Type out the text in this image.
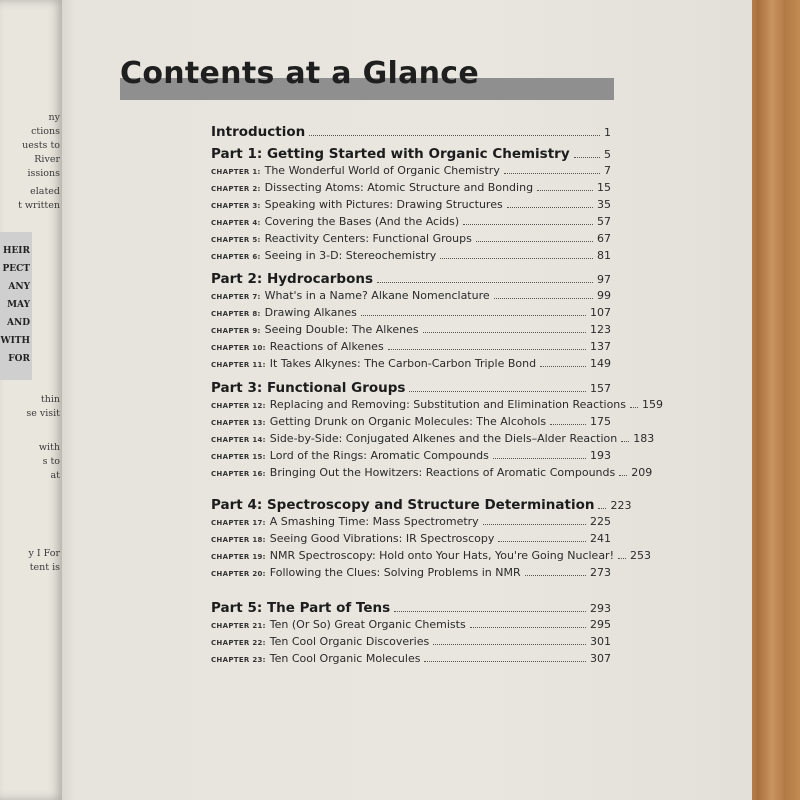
ny
ctions
uests to
River
issions
elated
t written
HEIR
PECT
ANY
MAY
AND
WITH
FOR
thin
se visit
with
s to
at
y I For
tent is
Contents at a Glance
Introduction	1
Part 1: Getting Started with Organic Chemistry	5
CHAPTER 1: The Wonderful World of Organic Chemistry	7
CHAPTER 2: Dissecting Atoms: Atomic Structure and Bonding	15
CHAPTER 3: Speaking with Pictures: Drawing Structures	35
CHAPTER 4: Covering the Bases (And the Acids)	57
CHAPTER 5: Reactivity Centers: Functional Groups	67
CHAPTER 6: Seeing in 3-D: Stereochemistry	81
Part 2: Hydrocarbons	97
CHAPTER 7: What's in a Name? Alkane Nomenclature	99
CHAPTER 8: Drawing Alkanes	107
CHAPTER 9: Seeing Double: The Alkenes	123
CHAPTER 10: Reactions of Alkenes	137
CHAPTER 11: It Takes Alkynes: The Carbon-Carbon Triple Bond	149
Part 3: Functional Groups	157
CHAPTER 12: Replacing and Removing: Substitution and Elimination Reactions 159
CHAPTER 13: Getting Drunk on Organic Molecules: The Alcohols	175
CHAPTER 14: Side-by-Side: Conjugated Alkenes and the Diels–Alder Reaction 183
CHAPTER 15: Lord of the Rings: Aromatic Compounds	193
CHAPTER 16: Bringing Out the Howitzers: Reactions of Aromatic Compounds 209
Part 4: Spectroscopy and Structure Determination 223
CHAPTER 17: A Smashing Time: Mass Spectrometry	225
CHAPTER 18: Seeing Good Vibrations: IR Spectroscopy	241
CHAPTER 19: NMR Spectroscopy: Hold onto Your Hats, You're Going Nuclear! 253
CHAPTER 20: Following the Clues: Solving Problems in NMR	273
Part 5: The Part of Tens	293
CHAPTER 21: Ten (Or So) Great Organic Chemists	295
CHAPTER 22: Ten Cool Organic Discoveries	301
CHAPTER 23: Ten Cool Organic Molecules	307
